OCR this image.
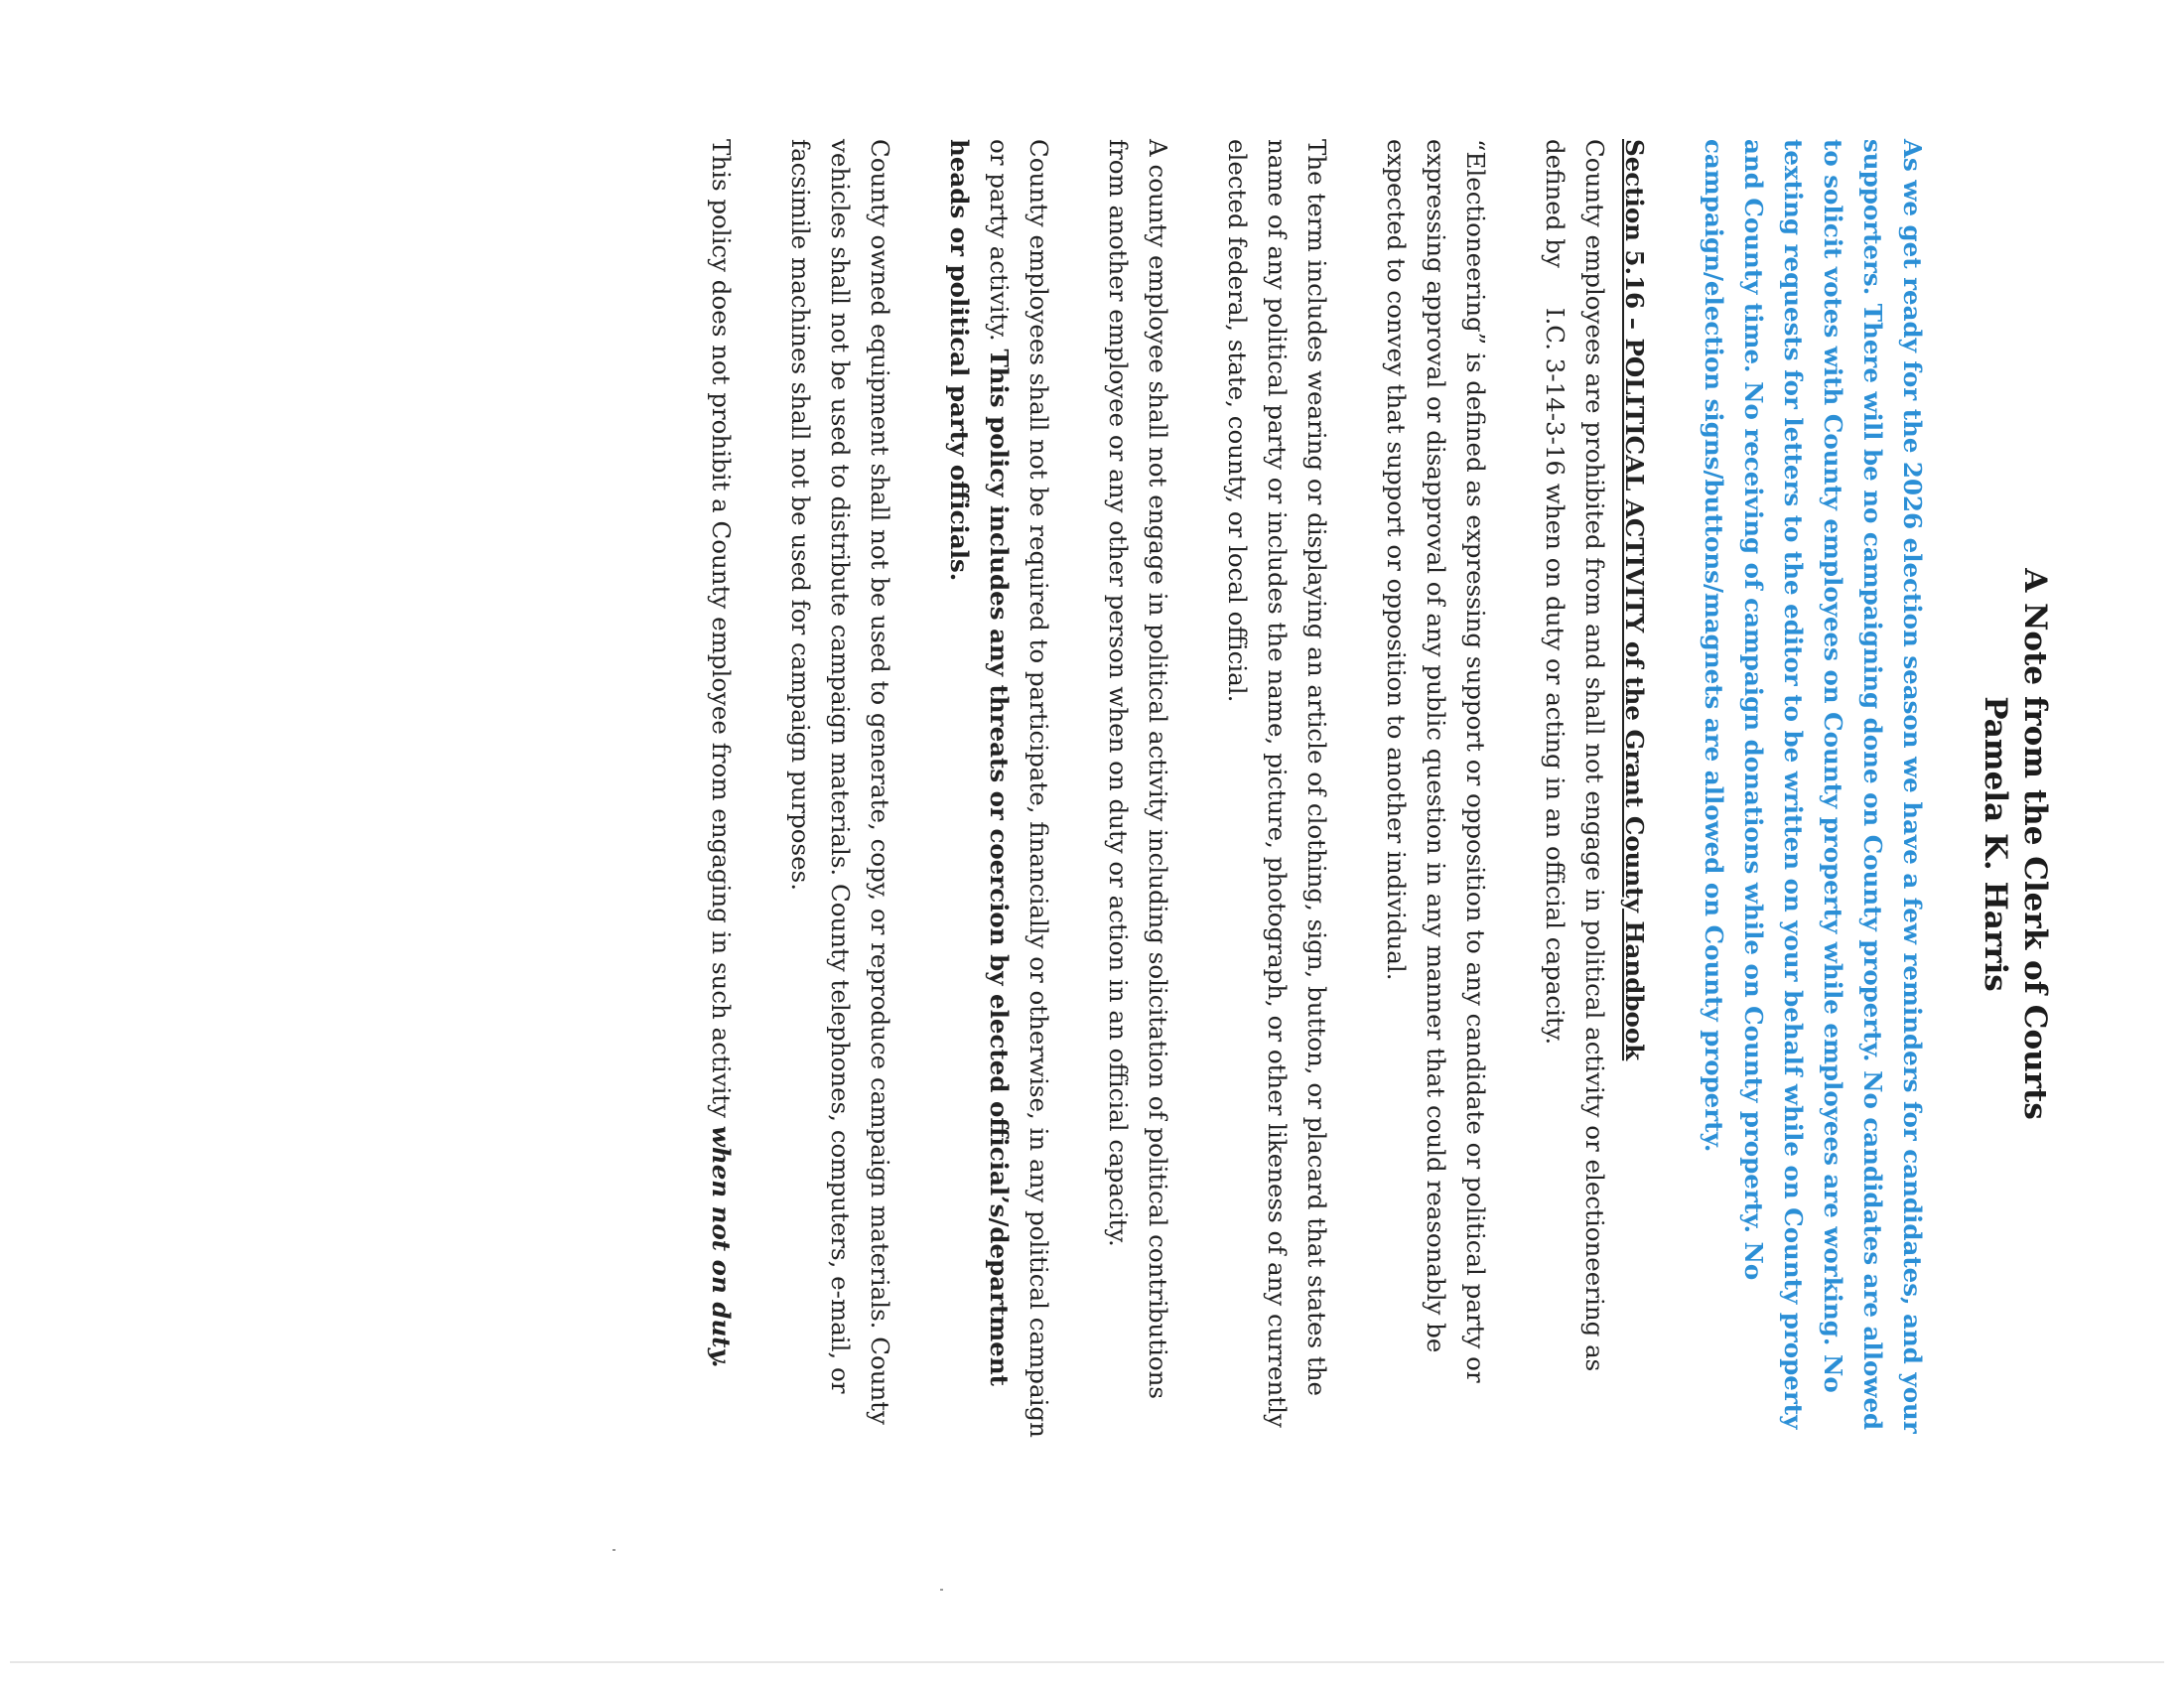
A Note from the Clerk of Courts
Pamela K. Harris

As we get ready for the 2026 election season we have a few reminders for candidates, and your supporters. There will be no campaigning done on County property. No candidates are allowed to solicit votes with County employees on County property while employees are working. No texting requests for letters to the editor to be written on your behalf while on County property and County time. No receiving of campaign donations while on County property. No campaign/election signs/buttons/magnets are allowed on County property.

Section 5.16 – POLITICAL ACTIVITY of the Grant County Handbook
County employees are prohibited from and shall not engage in political activity or electioneering as defined byI.C. 3-14-3-16 when on duty or acting in an official capacity.

“Electioneering” is defined as expressing support or opposition to any candidate or political party or expressing approval or disapproval of any public question in any manner that could reasonably be expected to convey that support or opposition to another individual.

The term includes wearing or displaying an article of clothing, sign, button, or placard that states the name of any political party or includes the name, picture, photograph, or other likeness of any currently elected federal, state, county, or local official.

A county employee shall not engage in political activity including solicitation of political contributions from another employee or any other person when on duty or action in an official capacity.

County employees shall not be required to participate, financially or otherwise, in any political campaign or party activity. This policy includes any threats or coercion by elected official’s/department heads or political party officials.

County owned equipment shall not be used to generate, copy, or reproduce campaign materials. County vehicles shall not be used to distribute campaign materials. County telephones, computers, e-mail, or facsimile machines shall not be used for campaign purposes.

This policy does not prohibit a County employee from engaging in such activity when not on duty.
